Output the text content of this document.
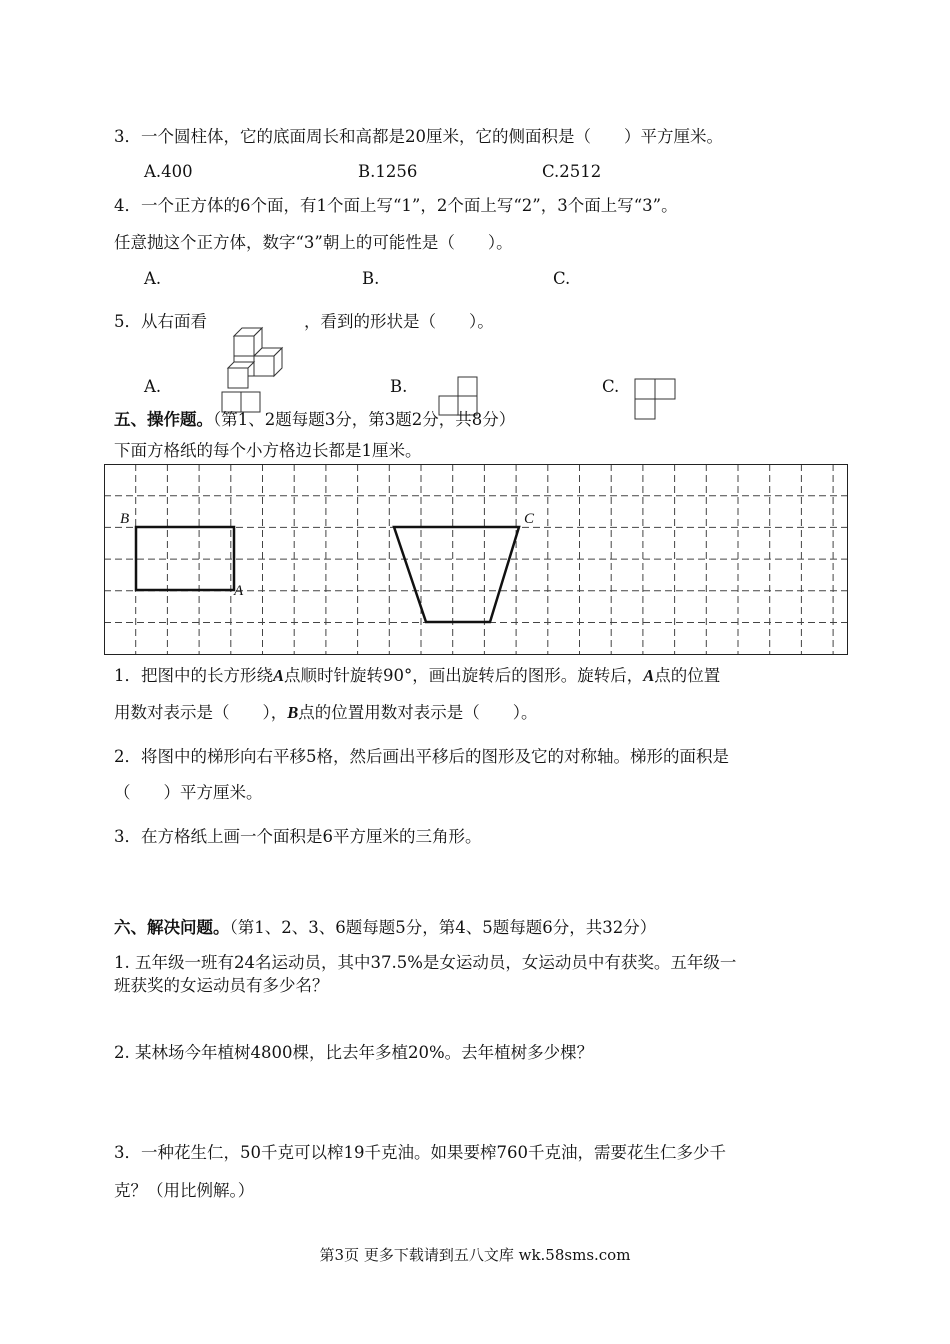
3．一个圆柱体，它的底面周长和高都是20厘米，它的侧面积是（　　）平方厘米。
A.400	B.1256	C.2512
4．一个正方体的6个面，有1个面上写“1”，2个面上写“2”，3个面上写“3”。
任意抛这个正方体，数字“3”朝上的可能性是（　　）。
A.	B.	C.
5．从右面看	，看到的形状是（　　）。
A.	B.	C.
五、操作题。（第1、2题每题3分，第3题2分，共8分）
下面方格纸的每个小方格边长都是1厘米。
B
A
C
1．把图中的长方形绕A点顺时针旋转90°，画出旋转后的图形。旋转后，A点的位置
用数对表示是（　　），B点的位置用数对表示是（　　）。
2．将图中的梯形向右平移5格，然后画出平移后的图形及它的对称轴。梯形的面积是
（　　）平方厘米。
3．在方格纸上画一个面积是6平方厘米的三角形。
六、解决问题。（第1、2、3、6题每题5分，第4、5题每题6分，共32分）
1. 五年级一班有24名运动员，其中37.5%是女运动员，女运动员中有获奖。五年级一
班获奖的女运动员有多少名？
2. 某林场今年植树4800棵，比去年多植20%。去年植树多少棵？
3．一种花生仁，50千克可以榨19千克油。如果要榨760千克油，需要花生仁多少千
克？（用比例解。）
第3页 更多下载请到五八文库 wk.58sms.com
